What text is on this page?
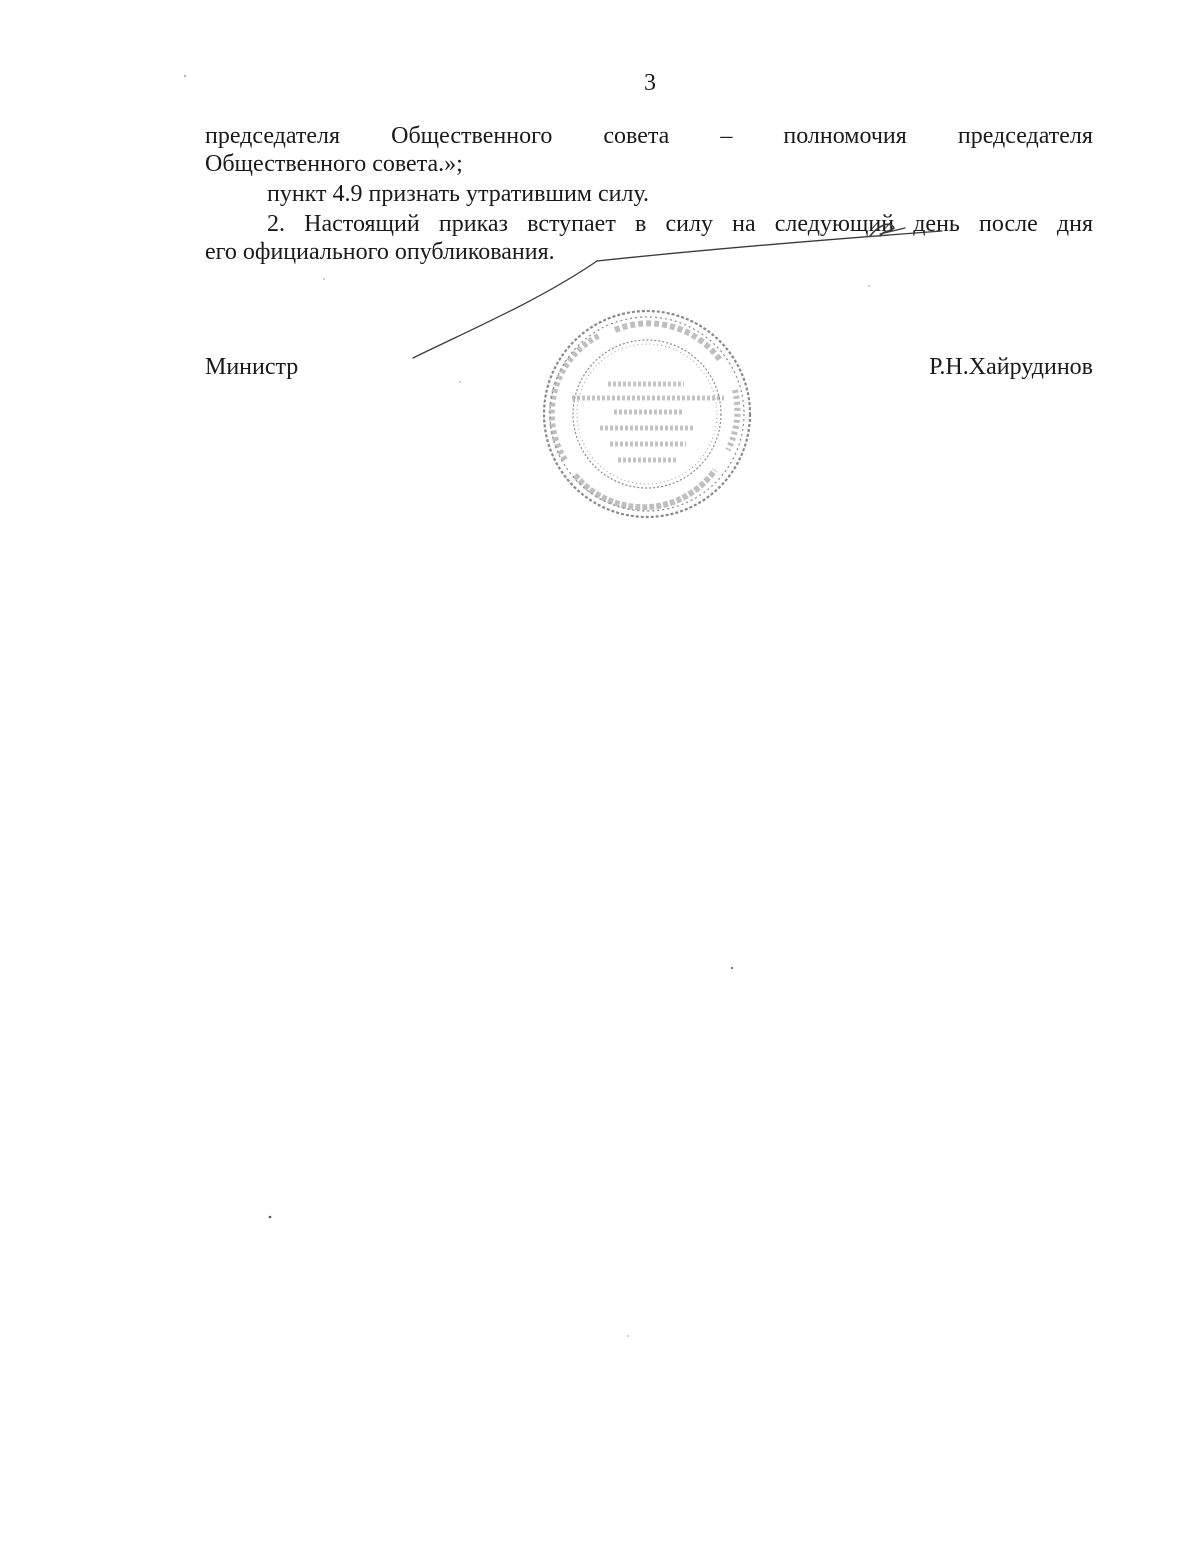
3
председателя Общественного совета – полномочия председателя
Общественного совета.»;
пункт 4.9 признать утратившим силу.
2. Настоящий приказ вступает в силу на следующий день после дня
его официального опубликования.
Министр	Р.Н.Хайрудинов
